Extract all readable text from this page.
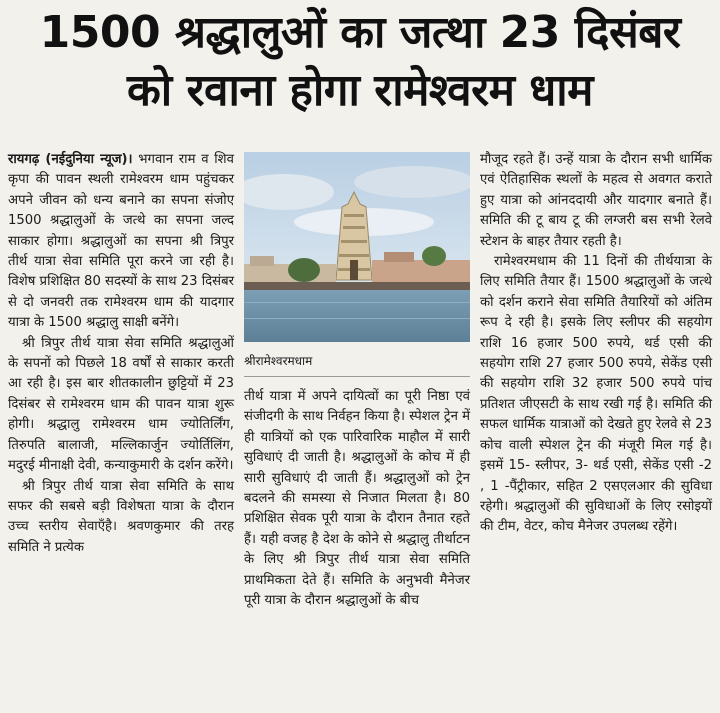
1500 श्रद्धालुओं का जत्था 23 दिसंबर
को रवाना होगा रामेश्वरम धाम

रायगढ़ (नईदुनिया न्यूज)। भगवान राम व शिव कृपा की पावन स्थली रामेश्वरम धाम पहुंचकर अपने जीवन को धन्य बनाने का सपना संजोए 1500 श्रद्धालुओं के जत्थे का सपना जल्द साकार होगा। श्रद्धालुओं का सपना श्री त्रिपुर तीर्थ यात्रा सेवा समिति पूरा करने जा रही है। विशेष प्रशिक्षित 80 सदस्यों के साथ 23 दिसंबर से दो जनवरी तक रामेश्वरम धाम की यादगार यात्रा के 1500 श्रद्धालु साक्षी बनेंगे।

श्री त्रिपुर तीर्थ यात्रा सेवा समिति श्रद्धालुओं के सपनों को पिछले 18 वर्षों से साकार करती आ रही है। इस बार शीतकालीन छुट्टियों में 23 दिसंबर से रामेश्वरम धाम की पावन यात्रा शुरू होगी। श्रद्धालु रामेश्वरम धाम ज्योतिर्लिंग, तिरुपति बालाजी, मल्लिकार्जुन ज्योर्तिलिंग, मदुरई मीनाक्षी देवी, कन्याकुमारी के दर्शन करेंगे।

श्री त्रिपुर तीर्थ यात्रा सेवा समिति के साथ सफर की सबसे बड़ी विशेषता यात्रा के दौरान उच्च स्तरीय सेवाएँहै। श्रवणकुमार की तरह समिति ने प्रत्येक

श्रीरामेश्वरमधाम

तीर्थ यात्रा में अपने दायित्वों का पूरी निष्ठा एवं संजीदगी के साथ निर्वहन किया है। स्पेशल ट्रेन में ही यात्रियों को एक पारिवारिक माहौल में सारी सुविधाएं दी जाती है। श्रद्धालुओं के कोच में ही सारी सुविधाएं दी जाती हैं। श्रद्धालुओं को ट्रेन बदलने की समस्या से निजात मिलता है। 80 प्रशिक्षित सेवक पूरी यात्रा के दौरान तैनात रहते हैं। यही वजह है देश के कोने से श्रद्धालु तीर्थाटन के लिए श्री त्रिपुर तीर्थ यात्रा सेवा समिति प्राथमिकता देते हैं। समिति के अनुभवी मैनेजर पूरी यात्रा के दौरान श्रद्धालुओं के बीच

मौजूद रहते हैं। उन्हें यात्रा के दौरान सभी धार्मिक एवं ऐतिहासिक स्थलों के महत्व से अवगत कराते हुए यात्रा को आंनददायी और यादगार बनाते हैं। समिति की टू बाय टू की लग्जरी बस सभी रेलवे स्टेशन के बाहर तैयार रहती है।

रामेश्वरमधाम की 11 दिनों की तीर्थयात्रा के लिए समिति तैयार हैं। 1500 श्रद्धालुओं के जत्थे को दर्शन कराने सेवा समिति तैयारियों को अंतिम रूप दे रही है। इसके लिए स्लीपर की सहयोग राशि 16 हजार 500 रुपये, थर्ड एसी की सहयोग राशि 27 हजार 500 रुपये, सेकेंड एसी की सहयोग राशि 32 हजार 500 रुपये पांच प्रतिशत जीएसटी के साथ रखी गई है। समिति की सफल धार्मिक यात्राओं को देखते हुए रेलवे से 23 कोच वाली स्पेशल ट्रेन की मंजूरी मिल गई है। इसमें 15- स्लीपर, 3- थर्ड एसी, सेकेंड एसी -2 , 1 -पैंट्रीकार, सहित 2 एसएलआर की सुविधा रहेगी। श्रद्धालुओं की सुविधाओं के लिए रसोइयों की टीम, वेटर, कोच मैनेजर उपलब्ध रहेंगे।
